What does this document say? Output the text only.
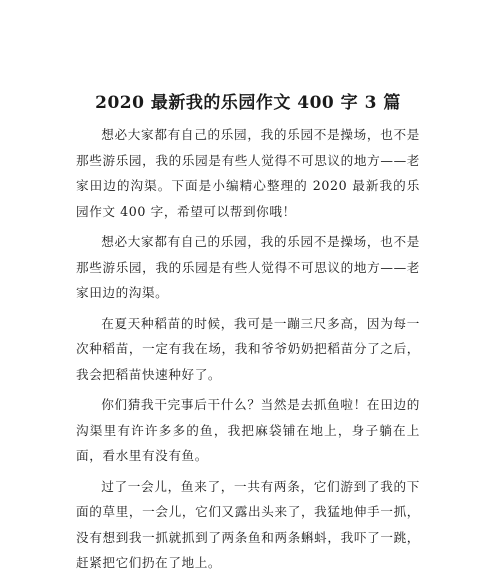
2020 最新我的乐园作文 400 字 3 篇

想必大家都有自己的乐园，我的乐园不是操场，也不是那些游乐园，我的乐园是有些人觉得不可思议的地方——老家田边的沟渠。下面是小编精心整理的 2020 最新我的乐园作文 400 字，希望可以帮到你哦！

想必大家都有自己的乐园，我的乐园不是操场，也不是那些游乐园，我的乐园是有些人觉得不可思议的地方——老家田边的沟渠。

在夏天种稻苗的时候，我可是一蹦三尺多高，因为每一次种稻苗，一定有我在场，我和爷爷奶奶把稻苗分了之后，我会把稻苗快速种好了。

你们猜我干完事后干什么？当然是去抓鱼啦！在田边的沟渠里有许许多多的鱼，我把麻袋铺在地上，身子躺在上面，看水里有没有鱼。

过了一会儿，鱼来了，一共有两条，它们游到了我的下面的草里，一会儿，它们又露出头来了，我猛地伸手一抓，没有想到我一抓就抓到了两条鱼和两条蝌蚪，我吓了一跳，赶紧把它们扔在了地上。
